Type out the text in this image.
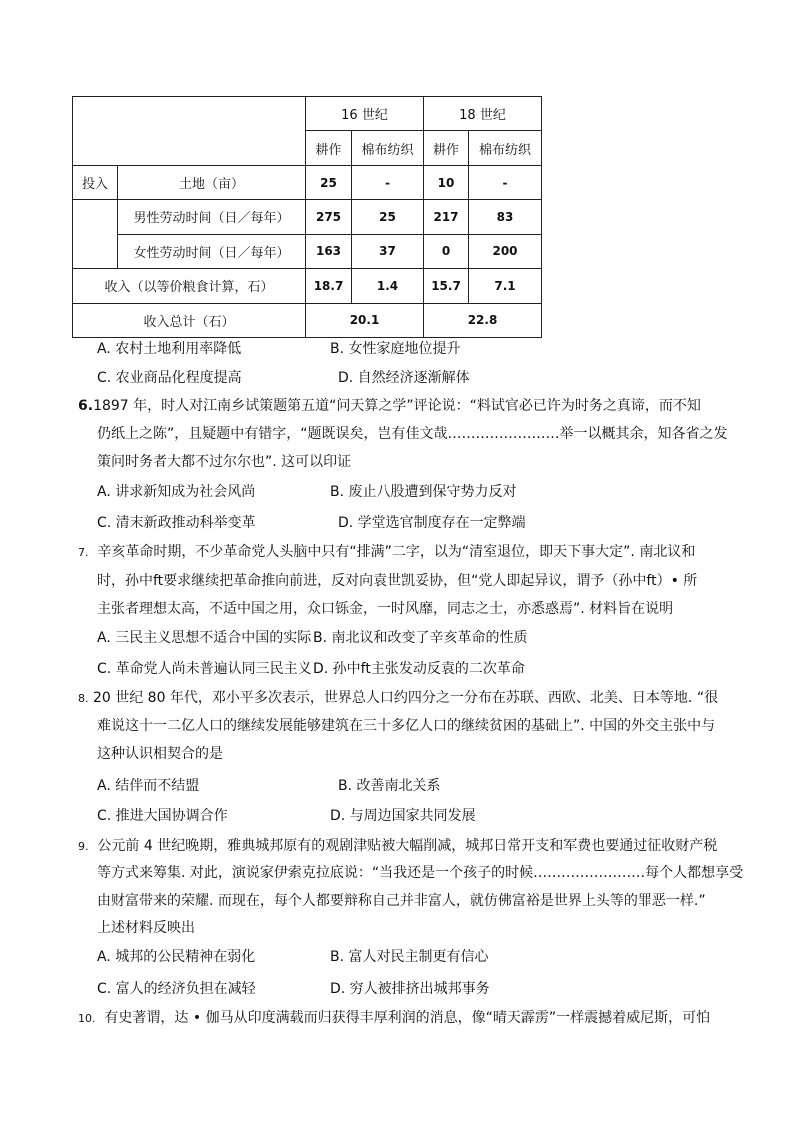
		16 世纪		18 世纪	
		耕作	棉布纺织	耕作	棉布纺织
投入	土地（亩）	25	-	10	-
	男性劳动时间（日／每年）	275	25	217	83
	女性劳动时间（日／每年）	163	37	0	200
收入（以等价粮食计算，石）		18.7	1.4	15.7	7.1
收入总计（石）		20.1		22.8	
A. 农村土地利用率降低	B. 女性家庭地位提升
C. 农业商品化程度提高	D. 自然经济逐渐解体
6.1897 年，时人对江南乡试策题第五道“问天算之学”评论说：“料试官必已许为时务之真谛，而不知
仍纸上之陈”，且疑题中有错字，“题既误矣，岂有佳文哉……………………举一以概其余，知各省之发
策问时务者大都不过尔尔也”. 这可以印证
A. 讲求新知成为社会风尚	B. 废止八股遭到保守势力反对
C. 清末新政推动科举变革	D. 学堂选官制度存在一定弊端
7. 辛亥革命时期，不少革命党人头脑中只有“排满”二字，以为“清室退位，即天下事大定”. 南北议和
时，孙中ft要求继续把革命推向前进，反对向袁世凯妥协，但“党人即起异议，谓予（孙中ft）• 所
主张者理想太高，不适中国之用，众口铄金，一时风靡，同志之士，亦悉惑焉”. 材料旨在说明
A. 三民主义思想不适合中国的实际 B. 南北议和改变了辛亥革命的性质
C. 革命党人尚未普遍认同三民主义 D. 孙中ft主张发动反袁的二次革命
8. 20 世纪 80 年代，邓小平多次表示，世界总人口约四分之一分布在苏联、西欧、北美、日本等地. “很
难说这十一二亿人口的继续发展能够建筑在三十多亿人口的继续贫困的基础上”. 中国的外交主张中与
这种认识相契合的是
A. 结伴而不结盟	B. 改善南北关系
C. 推进大国协调合作	D. 与周边国家共同发展
9. 公元前 4 世纪晚期，雅典城邦原有的观剧津贴被大幅削减，城邦日常开支和军费也要通过征收财产税
等方式来筹集. 对此，演说家伊索克拉底说：“当我还是一个孩子的时候……………………每个人都想享受
由财富带来的荣耀. 而现在，每个人都要辩称自己并非富人，就仿佛富裕是世界上头等的罪恶一样.”
上述材料反映出
A. 城邦的公民精神在弱化	B. 富人对民主制更有信心
C. 富人的经济负担在减轻	D. 穷人被排挤出城邦事务
10. 有史著谓，达 • 伽马从印度满载而归获得丰厚利润的消息，像“晴天霹雳”一样震撼着威尼斯，可怕
